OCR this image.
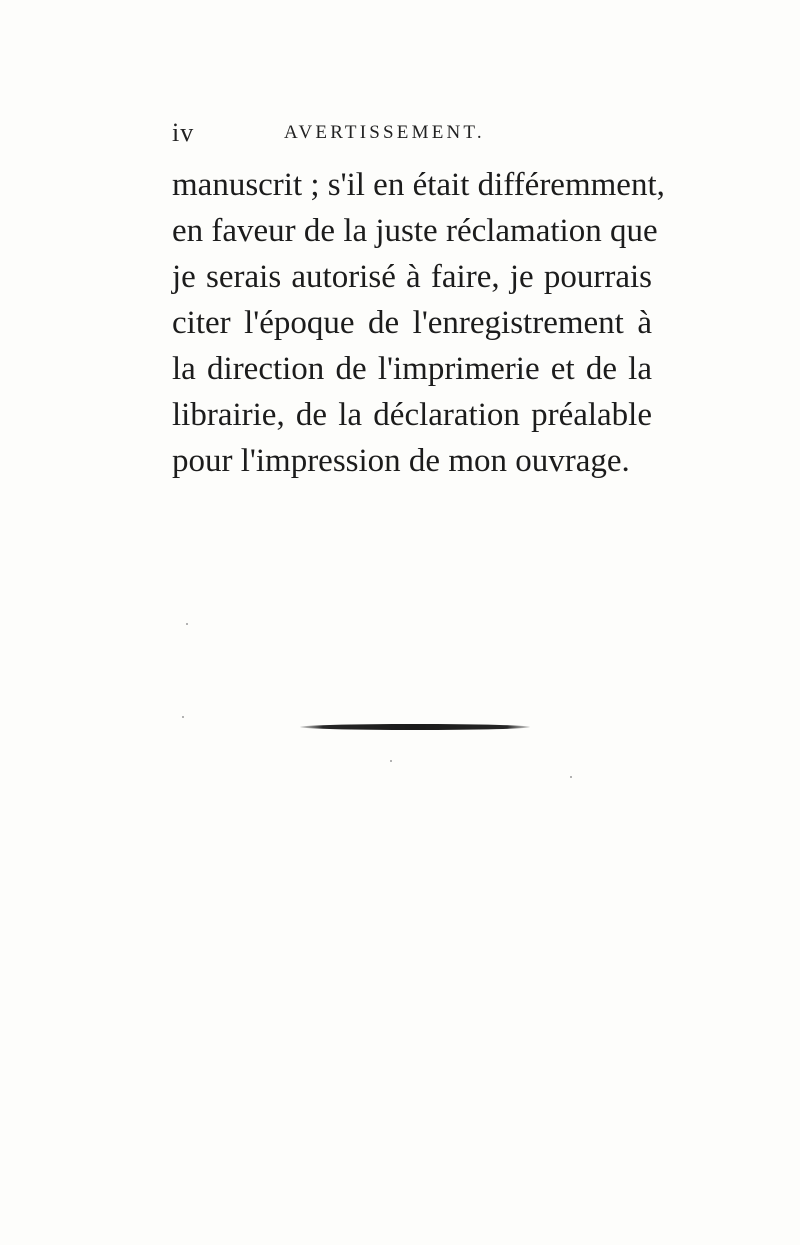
iv	AVERTISSEMENT.
manuscrit ; s'il en était différemment,
en faveur de la juste réclamation que
je serais autorisé à faire, je pourrais
citer l'époque de l'enregistrement à
la direction de l'imprimerie et de la
librairie, de la déclaration préalable
pour l'impression de mon ouvrage.
